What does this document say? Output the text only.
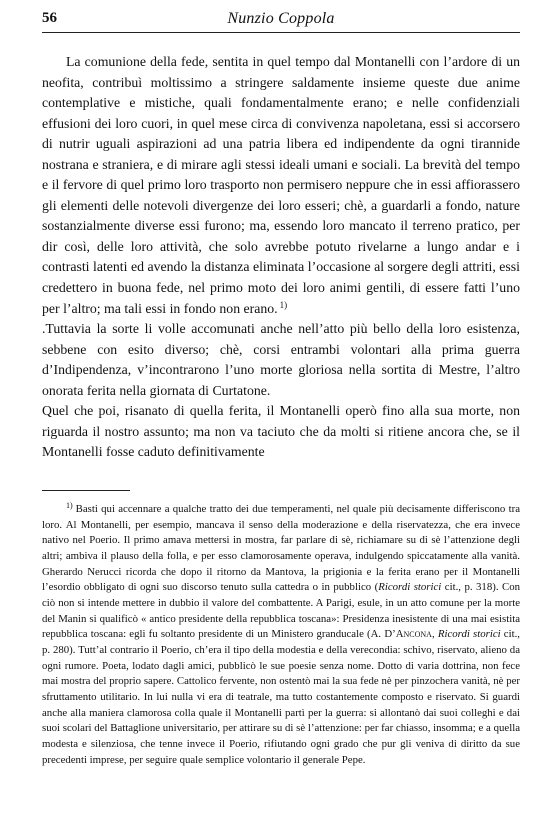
56	Nunzio Coppola

La comunione della fede, sentita in quel tempo dal Montanelli con l’ardore di un neofita, contribuì moltissimo a stringere saldamente insieme queste due anime contemplative e mistiche, quali fondamentalmente erano; e nelle confidenziali effusioni dei loro cuori, in quel mese circa di convivenza napoletana, essi si accorsero di nutrir uguali aspirazioni ad una patria libera ed indipendente da ogni tirannide nostrana e straniera, e di mirare agli stessi ideali umani e sociali. La brevità del tempo e il fervore di quel primo loro trasporto non permisero neppure che in essi affiorassero gli elementi delle notevoli divergenze dei loro esseri; chè, a guardarli a fondo, nature sostanzialmente diverse essi furono; ma, essendo loro mancato il terreno pratico, per dir così, delle loro attività, che solo avrebbe potuto rivelarne a lungo andar e i contrasti latenti ed avendo la distanza eliminata l’occasione al sorgere degli attriti, essi credettero in buona fede, nel primo moto dei loro animi gentili, di essere fatti l’uno per l’altro; ma tali essi in fondo non erano. $^{1)}$

.Tuttavia la sorte li volle accomunati anche nell’atto più bello della loro esistenza, sebbene con esito diverso; chè, corsi entrambi volontari alla prima guerra d’Indipendenza, v’incontrarono l’uno morte gloriosa nella sortita di Mestre, l’altro onorata ferita nella giornata di Curtatone.

Quel che poi, risanato di quella ferita, il Montanelli operò fino alla sua morte, non riguarda il nostro assunto; ma non va taciuto che da molti si ritiene ancora che, se il Montanelli fosse caduto definitivamente

$^{1)}$ Basti qui accennare a qualche tratto dei due temperamenti, nel quale più decisamente differiscono tra loro. Al Montanelli, per esempio, mancava il senso della moderazione e della riservatezza, che era invece nativo nel Poerio. Il primo amava mettersi in mostra, far parlare di sè, richiamare su di sè l’attenzione degli altri; ambiva il plauso della folla, e per esso clamorosamente operava, indulgendo spiccatamente alla vanità. Gherardo Nerucci ricorda che dopo il ritorno da Mantova, la prigionia e la ferita erano per il Montanelli l’esordio obbligato di ogni suo discorso tenuto sulla cattedra o in pubblico (Ricordi storici cit., p. 318). Con ciò non si intende mettere in dubbio il valore del combattente. A Parigi, esule, in un atto comune per la morte del Manin si qualificò « antico presidente della repubblica toscana»: Presidenza inesistente di una mai esistita repubblica toscana: egli fu soltanto presidente di un Ministero granducale (A. D’Ancona, Ricordi storici cit., p. 280). Tutt’al contrario il Poerio, ch’era il tipo della modestia e della verecondia: schivo, riservato, alieno da ogni rumore. Poeta, lodato dagli amici, pubblicò le sue poesie senza nome. Dotto di varia dottrina, non fece mai mostra del proprio sapere. Cattolico fervente, non ostentò mai la sua fede nè per pinzochera vanità, nè per sfruttamento utilitario. In lui nulla vi era di teatrale, ma tutto costantemente composto e riservato. Si guardi anche alla maniera clamorosa colla quale il Montanelli partì per la guerra: si allontanò dai suoi colleghi e dai suoi scolari del Battaglione universitario, per attirare su di sè l’attenzione: per far chiasso, insomma; e a quella modesta e silenziosa, che tenne invece il Poerio, rifiutando ogni grado che pur gli veniva di diritto da sue precedenti imprese, per seguire quale semplice volontario il generale Pepe.
